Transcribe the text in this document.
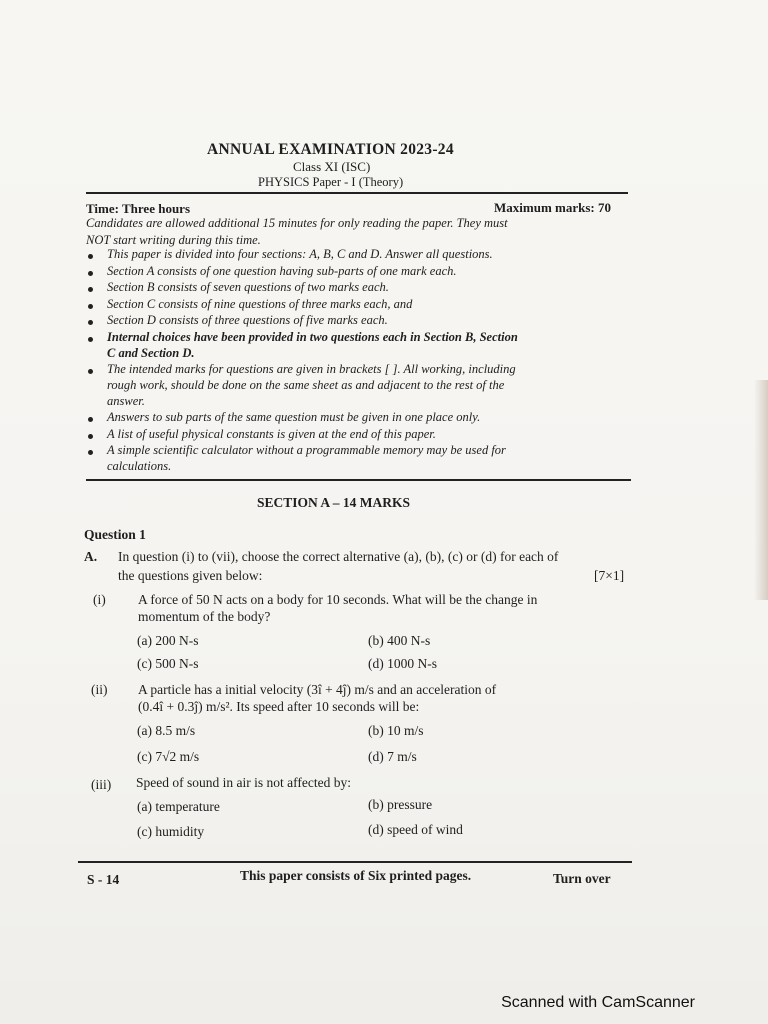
ANNUAL EXAMINATION 2023-24
Class XI (ISC)
PHYSICS Paper - I (Theory)
Time: Three hours	Maximum marks: 70
Candidates are allowed additional 15 minutes for only reading the paper. They must
NOT start writing during this time.
This paper is divided into four sections: A, B, C and D. Answer all questions.
Section A consists of one question having sub-parts of one mark each.
Section B consists of seven questions of two marks each.
Section C consists of nine questions of three marks each, and
Section D consists of three questions of five marks each.
Internal choices have been provided in two questions each in Section B, Section
C and Section D.
The intended marks for questions are given in brackets [ ]. All working, including
rough work, should be done on the same sheet as and adjacent to the rest of the
answer.
Answers to sub parts of the same question must be given in one place only.
A list of useful physical constants is given at the end of this paper.
A simple scientific calculator without a programmable memory may be used for
calculations.
SECTION A – 14 MARKS
Question 1
A. In question (i) to (vii), choose the correct alternative (a), (b), (c) or (d) for each of
the questions given below:	[7×1]
(i) A force of 50 N acts on a body for 10 seconds. What will be the change in
momentum of the body?
(a) 200 N-s	(b) 400 N-s
(c) 500 N-s	(d) 1000 N-s
(ii) A particle has a initial velocity (3î + 4ĵ) m/s and an acceleration of
(0.4î + 0.3ĵ) m/s². Its speed after 10 seconds will be:
(a) 8.5 m/s	(b) 10 m/s
(c) 7√2 m/s	(d) 7 m/s
(iii) Speed of sound in air is not affected by:
(a) temperature	(b) pressure
(c) humidity	(d) speed of wind
S - 14	This paper consists of Six printed pages.	Turn over
Scanned with CamScanner
